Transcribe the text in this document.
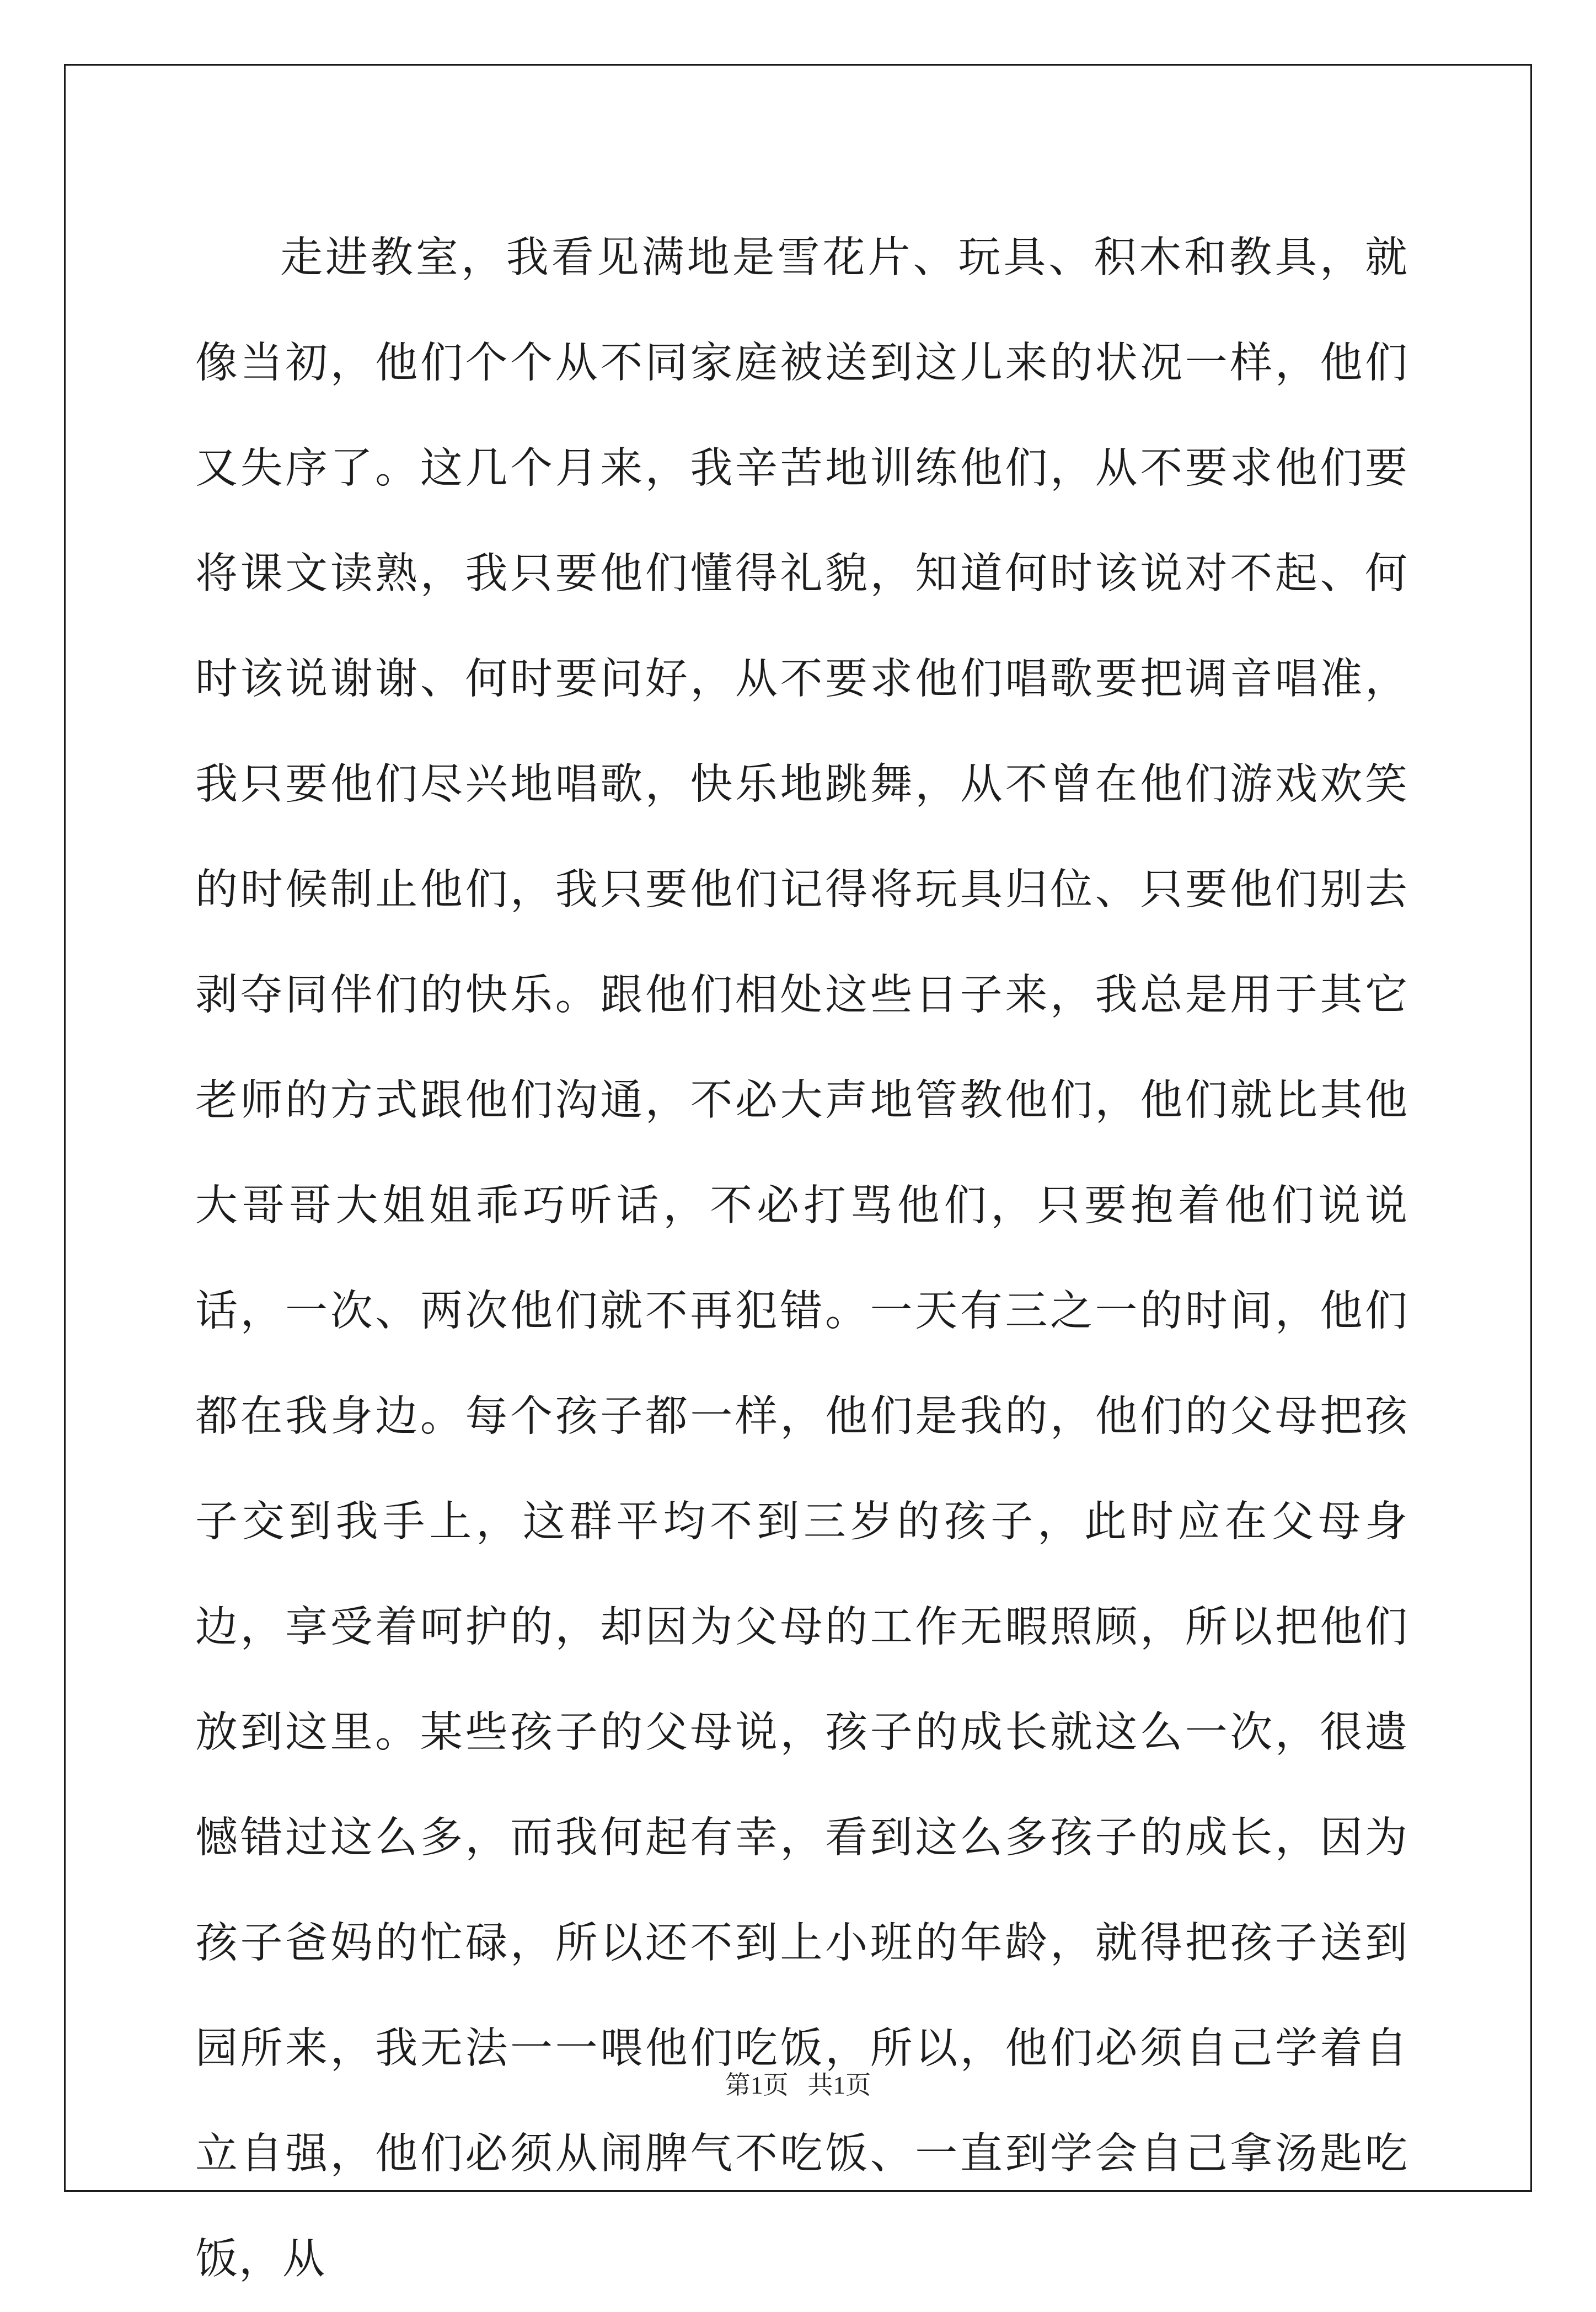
走进教室，我看见满地是雪花片、玩具、积木和教具，就像当初，他们个个从不同家庭被送到这儿来的状况一样，他们又失序了。这几个月来，我辛苦地训练他们，从不要求他们要将课文读熟，我只要他们懂得礼貌，知道何时该说对不起、何时该说谢谢、何时要问好，从不要求他们唱歌要把调音唱准，我只要他们尽兴地唱歌，快乐地跳舞，从不曾在他们游戏欢笑的时候制止他们，我只要他们记得将玩具归位、只要他们别去剥夺同伴们的快乐。跟他们相处这些日子来，我总是用于其它老师的方式跟他们沟通，不必大声地管教他们，他们就比其他大哥哥大姐姐乖巧听话，不必打骂他们，只要抱着他们说说话，一次、两次他们就不再犯错。一天有三之一的时间，他们都在我身边。每个孩子都一样，他们是我的，他们的父母把孩子交到我手上，这群平均不到三岁的孩子，此时应在父母身边，享受着呵护的，却因为父母的工作无暇照顾，所以把他们放到这里。某些孩子的父母说，孩子的成长就这么一次，很遗憾错过这么多，而我何起有幸，看到这么多孩子的成长，因为孩子爸妈的忙碌，所以还不到上小班的年龄，就得把孩子送到园所来，我无法一一喂他们吃饭，所以，他们必须自己学着自立自强，他们必须从闹脾气不吃饭、一直到学会自己拿汤匙吃饭，从

第1页   共1页
